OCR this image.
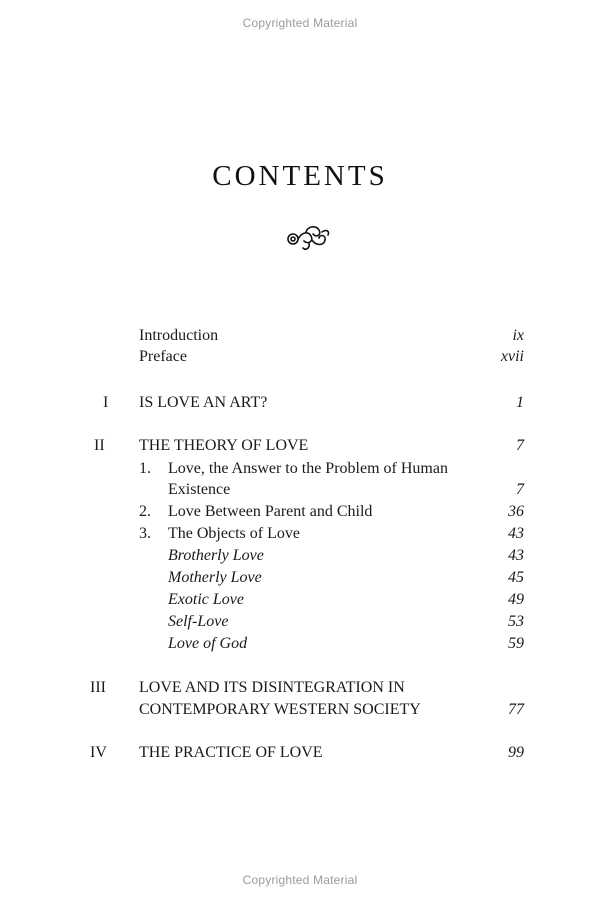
Copyrighted Material
CONTENTS
Introduction	ix
Preface	xvii
I IS LOVE AN ART?	1
II THE THEORY OF LOVE	7
1. Love, the Answer to the Problem of Human
Existence	7
2. Love Between Parent and Child	36
3. The Objects of Love	43
Brotherly Love	43
Motherly Love	45
Exotic Love	49
Self-Love	53
Love of God	59
III LOVE AND ITS DISINTEGRATION IN
CONTEMPORARY WESTERN SOCIETY	77
IV THE PRACTICE OF LOVE	99
Copyrighted Material
